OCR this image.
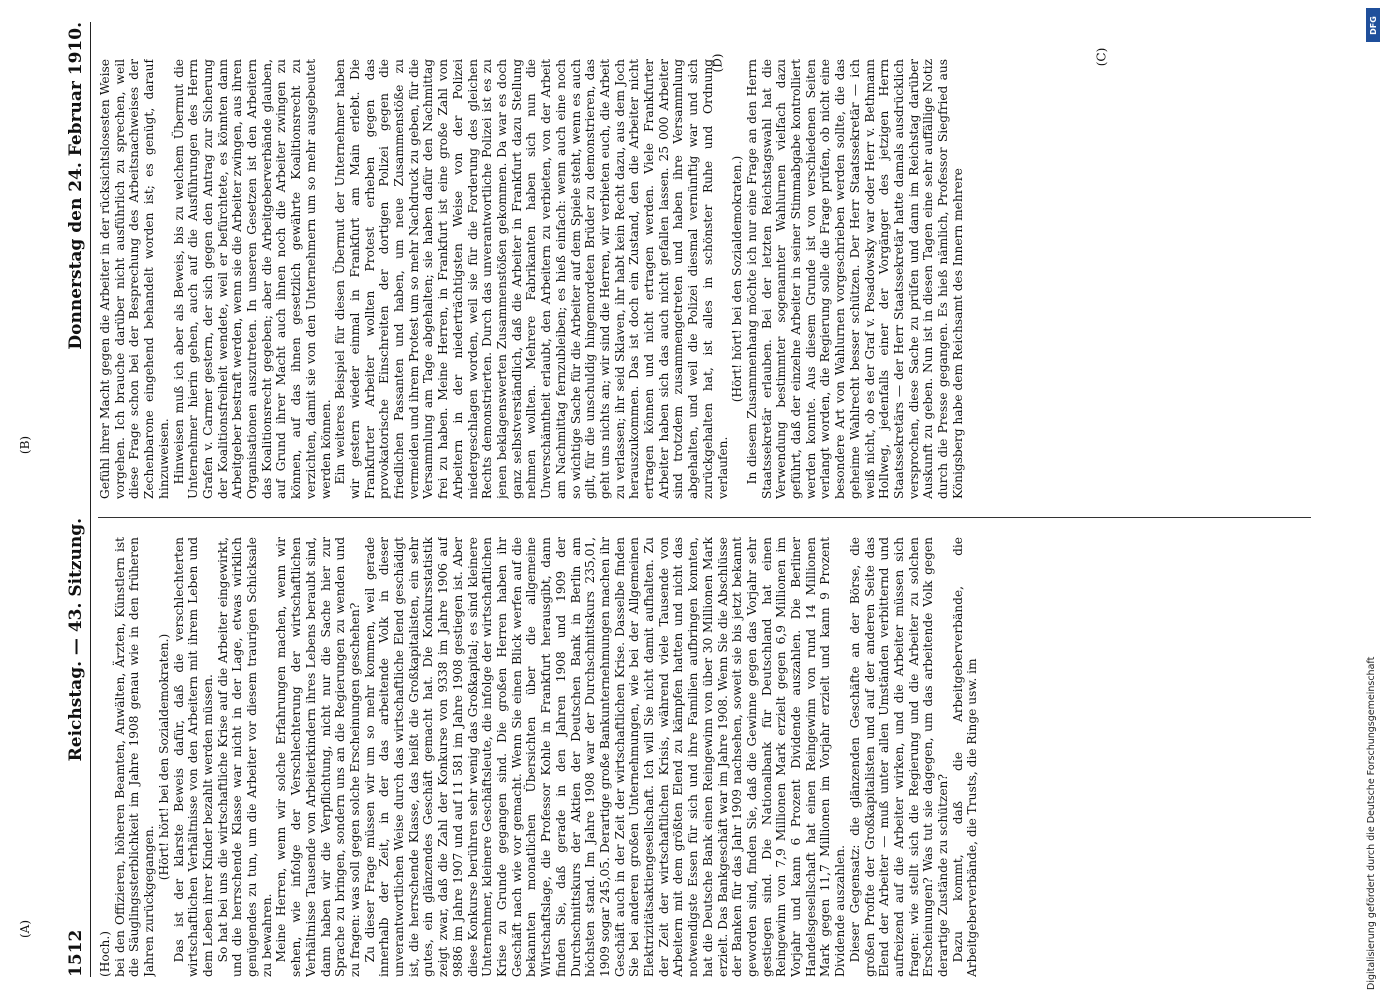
1512
Reichstag. — 43. Sitzung.
Donnerstag den 24. Februar 1910.

(Hoch.) bei den Offizieren, höheren Beamten, Anwälten, Ärzten, Künstlern ist die Säuglingssterblichkeit im Jahre 1908 genau wie in den früheren Jahren zurückgegangen.

(Hört! hört! bei den Sozialdemokraten.) Das ist der klarste Beweis dafür, daß die verschlechterten wirtschaftlichen Verhältnisse von den Arbeitern mit ihrem Leben und dem Leben ihrer Kinder bezahlt werden müssen. So hat bei uns die wirtschaftliche Krise auf die Arbeiter eingewirkt, und die herrschende Klasse war nicht in der Lage, etwas wirklich genügendes zu tun, um die Arbeiter vor diesem traurigen Schicksale zu bewahren. Meine Herren, wenn wir solche Erfahrungen machen, wenn wir sehen, wie infolge der Verschlechterung der wirtschaftlichen Verhältnisse Tausende von Arbeiterkindern ihres Lebens beraubt sind, dann haben wir die Verpflichtung, nicht nur die Sache hier zur Sprache zu bringen, sondern uns an die Regierungen zu wenden und zu fragen: was soll gegen solche Erscheinungen geschehen? Zu dieser Frage müssen wir um so mehr kommen, weil gerade innerhalb der Zeit, in der das arbeitende Volk in dieser unverantwortlichen Weise durch das wirtschaftliche Elend geschädigt ist, die herrschende Klasse, das heißt die Großkapitalisten, ein sehr gutes, ein glänzendes Geschäft gemacht hat. Die Konkursstatistik zeigt zwar, daß die Zahl der Konkurse von 9338 im Jahre 1906 auf 9886 im Jahre 1907 und auf 11 581 im Jahre 1908 gestiegen ist. Aber diese Konkurse berühren sehr wenig das Großkapital; es sind kleinere Unternehmer, kleinere Geschäftsleute, die infolge der wirtschaftlichen Krise zu Grunde gegangen sind. Die großen Herren haben ihr Geschäft nach wie vor gemacht. Wenn Sie einen Blick werfen auf die bekannten monatlichen Übersichten über die allgemeine Wirtschaftslage, die Professor Kohle in Frankfurt herausgibt, dann finden Sie, daß gerade in den Jahren 1908 und 1909 der Durchschnittskurs der Aktien der Deutschen Bank in Berlin am höchsten stand. Im Jahre 1908 war der Durchschnittskurs 235,01, 1909 sogar 245,05. Derartige große Bankunternehmungen machen ihr Geschäft auch in der Zeit der wirtschaftlichen Krise. Dasselbe finden Sie bei anderen großen Unternehmungen, wie bei der Allgemeinen Elektrizitätsaktiengesellschaft. Ich will Sie nicht damit aufhalten. Zu der Zeit der wirtschaftlichen Krisis, während viele Tausende von Arbeitern mit dem größten Elend zu kämpfen hatten und nicht das notwendigste Essen für sich und ihre Familien aufbringen konnten, hat die Deutsche Bank einen Reingewinn von über 30 Millionen Mark erzielt. Das Bankgeschäft war im Jahre 1908. Wenn Sie die Abschlüsse der Banken für das Jahr 1909 nachsehen, soweit sie bis jetzt bekannt geworden sind, finden Sie, daß die Gewinne gegen das Vorjahr sehr gestiegen sind. Die Nationalbank für Deutschland hat einen Reingewinn von 7,9 Millionen Mark erzielt gegen 6,9 Millionen im Vorjahr und kann 6 Prozent Dividende auszahlen. Die Berliner Handelsgesellschaft hat einen Reingewinn von rund 14 Millionen Mark gegen 11,7 Millionen im Vorjahr erzielt und kann 9 Prozent Dividende auszahlen. Dieser Gegensatz: die glänzenden Geschäfte an der Börse, die großen Profite der Großkapitalisten und auf der anderen Seite das Elend der Arbeiter — muß unter allen Umständen verbitternd und aufreizend auf die Arbeiter wirken, und die Arbeiter müssen sich fragen: wie stellt sich die Regierung und die Arbeiter zu solchen Erscheinungen? Was tut sie dagegen, um das arbeitende Volk gegen derartige Zustände zu schützen? Dazu kommt, daß die Arbeitgeberverbände, die Arbeitgeberverbände, die Trusts, die Ringe usw. im

Gefühl ihrer Macht gegen die Arbeiter in der rücksichtslosesten Weise vorgehen. Ich brauche darüber nicht ausführlich zu sprechen, weil diese Frage schon bei der Besprechung des Arbeitsnachweises der Zechenbarone eingehend behandelt worden ist; es genügt, darauf hinzuweisen. Hinweisen muß ich aber als Beweis, bis zu welchem Übermut die Unternehmer hierin gehen, auch auf die Ausführungen des Herrn Grafen v. Carmer gestern, der sich gegen den Antrag zur Sicherung der Koalitionsfreiheit wendete, weil er befürchtete, es könnten dann Arbeitgeber bestraft werden, wenn sie die Arbeiter zwingen, aus ihren Organisationen auszutreten. In unseren Gesetzen ist den Arbeitern das Koalitionsrecht gegeben; aber die Arbeitgeberverbände glauben, auf Grund ihrer Macht auch ihnen noch die Arbeiter zwingen zu können, auf das ihnen gesetzlich gewährte Koalitionsrecht zu verzichten, damit sie von den Unternehmern um so mehr ausgebeutet werden können. Ein weiteres Beispiel für diesen Übermut der Unternehmer haben wir gestern wieder einmal in Frankfurt am Main erlebt. Die Frankfurter Arbeiter wollten Protest erheben gegen das provokatorische Einschreiten der dortigen Polizei gegen die friedlichen Passanten und haben, um neue Zusammenstöße zu vermeiden und ihrem Protest um so mehr Nachdruck zu geben, für die Versammlung am Tage abgehalten; sie haben dafür den Nachmittag frei zu haben. Meine Herren, in Frankfurt ist eine große Zahl von Arbeitern in der niederträchtigsten Weise von der Polizei niedergeschlagen worden, weil sie für die Forderung des gleichen Rechts demonstrierten. Durch das unverantwortliche Polizei ist es zu jenen beklagenswerten Zusammenstößen gekommen. Da war es doch ganz selbstverständlich, daß die Arbeiter in Frankfurt dazu Stellung nehmen wollten. Mehrere Fabrikanten haben sich nun die Unverschämtheit erlaubt, den Arbeitern zu verbieten, von der Arbeit am Nachmittag fernzubleiben; es hieß einfach: wenn auch eine noch so wichtige Sache für die Arbeiter auf dem Spiele steht, wenn es auch gilt, für die unschuldig hingemordeten Brüder zu demonstrieren, das geht uns nichts an; wir sind die Herren, wir verbieten euch, die Arbeit zu verlassen; ihr seid Sklaven, ihr habt kein Recht dazu, aus dem Joch herauszukommen. Das ist doch ein Zustand, den die Arbeiter nicht ertragen können und nicht ertragen werden. Viele Frankfurter Arbeiter haben sich das auch nicht gefallen lassen. 25 000 Arbeiter sind trotzdem zusammengetreten und haben ihre Versammlung abgehalten, und weil die Polizei diesmal vernünftig war und sich zurückgehalten hat, ist alles in schönster Ruhe und Ordnung verlaufen.

(Hört! hört! bei den Sozialdemokraten.) In diesem Zusammenhang möchte ich nur eine Frage an den Herrn Staatssekretär erlauben. Bei der letzten Reichstagswahl hat die Verwendung bestimmter sogenannter Wahlurnen vielfach dazu geführt, daß der einzelne Arbeiter in seiner Stimmabgabe kontrolliert werden konnte. Aus diesem Grunde ist von verschiedenen Seiten verlangt worden, die Regierung solle die Frage prüfen, ob nicht eine besondere Art von Wahlurnen vorgeschrieben werden sollte, die das geheime Wahlrecht besser schützen. Der Herr Staatssekretär — ich weiß nicht, ob es der Graf v. Posadowsky war oder Herr v. Bethmann Hollweg, jedenfalls einer der Vorgänger des jetzigen Herrn Staatssekretärs — der Herr Staatssekretär hatte damals ausdrücklich versprochen, diese Sache zu prüfen und dann im Reichstag darüber Auskunft zu geben. Nun ist in diesen Tagen eine sehr auffällige Notiz durch die Presse gegangen. Es hieß nämlich, Professor Siegfried aus Königsberg habe dem Reichsamt des Innern mehrere

(A)
(B)
(C)
(D)
DFG
Digitalisierung gefördert durch die Deutsche Forschungsgemeinschaft
